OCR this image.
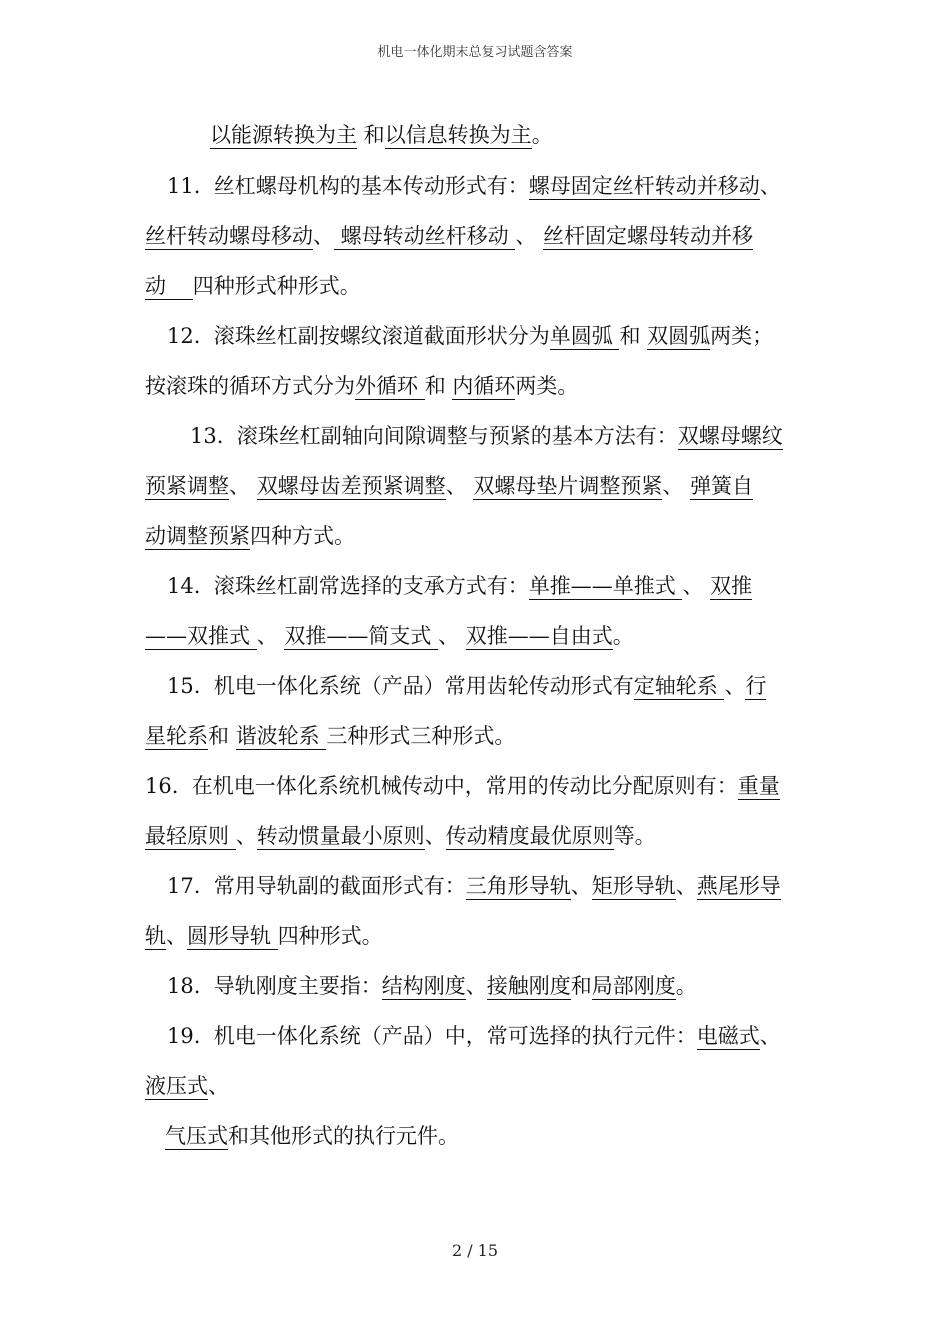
机电一体化期末总复习试题含答案
以能源转换为主 和以信息转换为主。
11.  丝杠螺母机构的基本传动形式有：螺母固定丝杆转动并移动、
丝杆转动螺母移动、 螺母转动丝杆移动 、 丝杆固定螺母转动并移
动    四种形式种形式。
12.  滚珠丝杠副按螺纹滚道截面形状分为单圆弧 和 双圆弧两类；
按滚珠的循环方式分为外循环 和 内循环两类。
13.  滚珠丝杠副轴向间隙调整与预紧的基本方法有：双螺母螺纹
预紧调整、 双螺母齿差预紧调整、 双螺母垫片调整预紧、 弹簧自
动调整预紧四种方式。
14.  滚珠丝杠副常选择的支承方式有：单推——单推式 、 双推
——双推式 、 双推——简支式 、 双推——自由式。
15.  机电一体化系统（产品）常用齿轮传动形式有定轴轮系 、行
星轮系和 谐波轮系 三种形式三种形式。
16.  在机电一体化系统机械传动中，常用的传动比分配原则有：重量
最轻原则 、转动惯量最小原则、传动精度最优原则等。
17.  常用导轨副的截面形式有：三角形导轨、矩形导轨、燕尾形导
轨、圆形导轨 四种形式。
18.  导轨刚度主要指：结构刚度、接触刚度和局部刚度。
19.  机电一体化系统（产品）中，常可选择的执行元件：电磁式、
液压式、
气压式和其他形式的执行元件。
2 / 15
